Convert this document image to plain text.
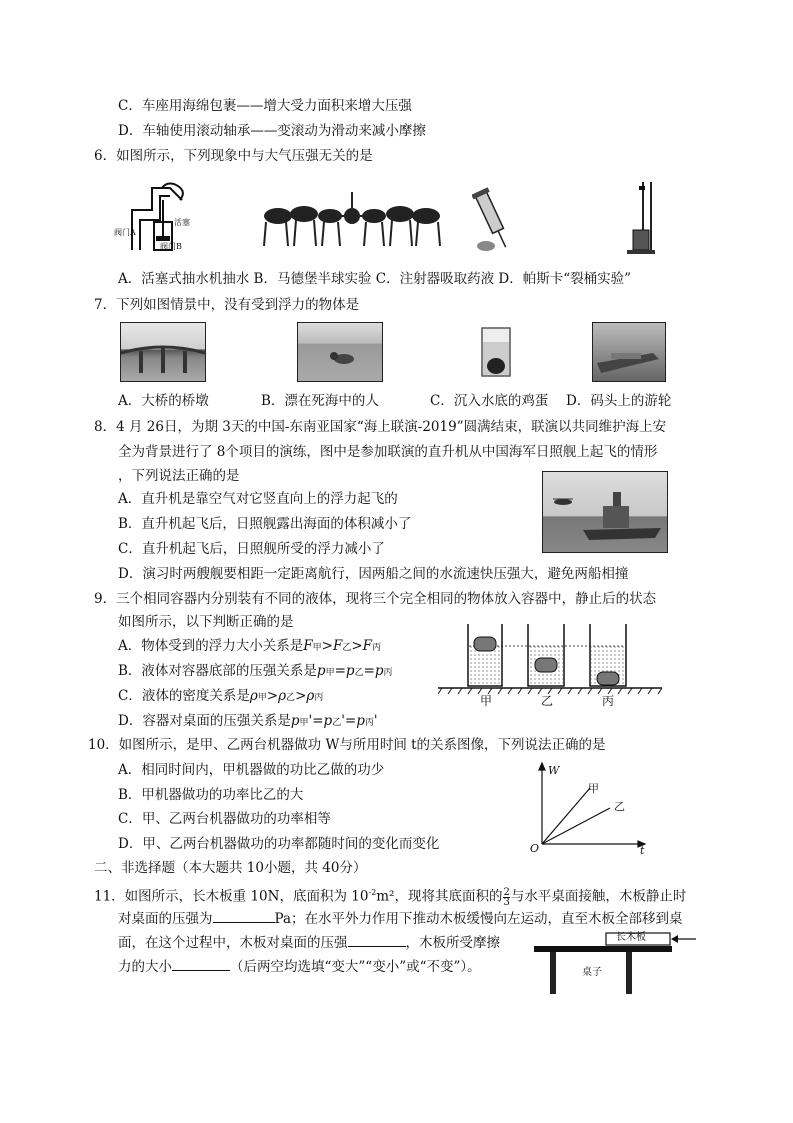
C．车座用海绵包裹——增大受力面积来增大压强
D．车轴使用滚动轴承——变滚动为滑动来减小摩擦
6．如图所示，下列现象中与大气压强无关的是
阀门A
阀门B
活塞
A．活塞式抽水机抽水 B．马德堡半球实验 C．注射器吸取药液 D．帕斯卡“裂桶实验”
7．下列如图情景中，没有受到浮力的物体是
A．大桥的桥墩	B．漂在死海中的人	C．沉入水底的鸡蛋 D．码头上的游轮
8．4 月 26日，为期 3天的中国-东南亚国家“海上联演-2019”圆满结束，联演以共同维护海上安
全为背景进行了 8个项目的演练，图中是参加联演的直升机从中国海军日照舰上起飞的情形
，下列说法正确的是
A．直升机是靠空气对它竖直向上的浮力起飞的
B．直升机起飞后，日照舰露出海面的体积减小了
C．直升机起飞后，日照舰所受的浮力减小了
D．演习时两艘舰要相距一定距离航行，因两船之间的水流速快压强大，避免两船相撞
9．三个相同容器内分别装有不同的液体，现将三个完全相同的物体放入容器中，静止后的状态
如图所示，以下判断正确的是
A．物体受到的浮力大小关系是F甲>F乙>F丙
B．液体对容器底部的压强关系是p甲=p乙=p丙
C．液体的密度关系是ρ甲>ρ乙>ρ丙
D．容器对桌面的压强关系是p甲'=p乙'=p丙'
甲	乙	丙
10．如图所示，是甲、乙两台机器做功 W与所用时间 t的关系图像，下列说法正确的是
A．相同时间内，甲机器做的功比乙做的功少
B．甲机器做功的功率比乙的大
C．甲、乙两台机器做功的功率相等
D．甲、乙两台机器做功的功率都随时间的变化而变化
W
t
O
甲
乙
二、非选择题（本大题共 10小题，共 40分）
11．如图所示，长木板重 10N，底面积为 $10^{-2}m^2$，现将其底面积的 $\frac{2}{3}$ 与水平桌面接触，木板静止时
对桌面的压强为	Pa；在水平外力作用下推动木板缓慢向左运动，直至木板全部移到桌
面，在这个过程中，木板对桌面的压强	，木板所受摩擦
力的大小	（后两空均选填“变大”“变小”或“不变”）。
长木板
桌子
